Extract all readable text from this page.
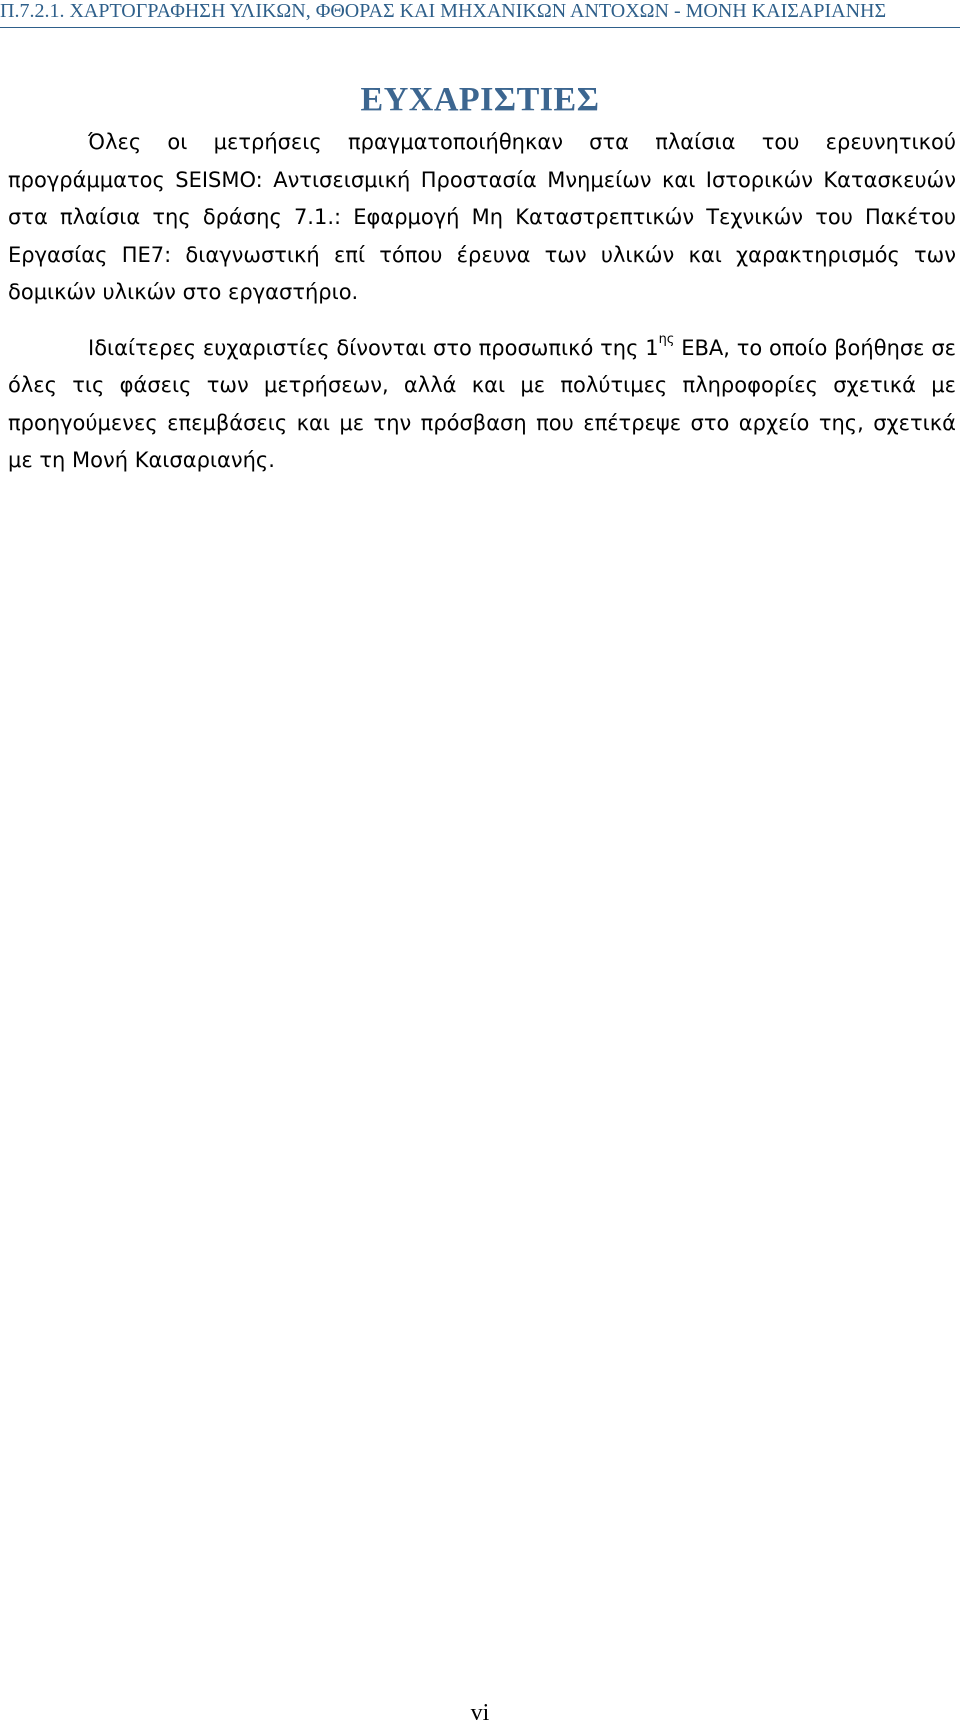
Π.7.2.1. ΧΑΡΤΟΓΡΑΦΗΣΗ ΥΛΙΚΩΝ, ΦΘΟΡΑΣ ΚΑΙ ΜΗΧΑΝΙΚΩΝ ΑΝΤΟΧΩΝ - ΜΟΝΗ ΚΑΙΣΑΡΙΑΝΗΣ
ΕΥΧΑΡΙΣΤΙΕΣ

Όλες οι μετρήσεις πραγματοποιήθηκαν στα πλαίσια του ερευνητικού προγράμματος SEISMO: Αντισεισμική Προστασία Μνημείων και Ιστορικών Κατασκευών στα πλαίσια της δράσης 7.1.: Εφαρμογή Μη Καταστρεπτικών Τεχνικών του Πακέτου Εργασίας ΠΕ7: διαγνωστική επί τόπου έρευνα των υλικών και χαρακτηρισμός των δομικών υλικών στο εργαστήριο.

Ιδιαίτερες ευχαριστίες δίνονται στο προσωπικό της $1^{\eta\varsigma}$ ΕΒΑ, το οποίο βοήθησε σε όλες τις φάσεις των μετρήσεων, αλλά και με πολύτιμες πληροφορίες σχετικά με προηγούμενες επεμβάσεις και με την πρόσβαση που επέτρεψε στο αρχείο της, σχετικά με τη Μονή Καισαριανής.

vi
